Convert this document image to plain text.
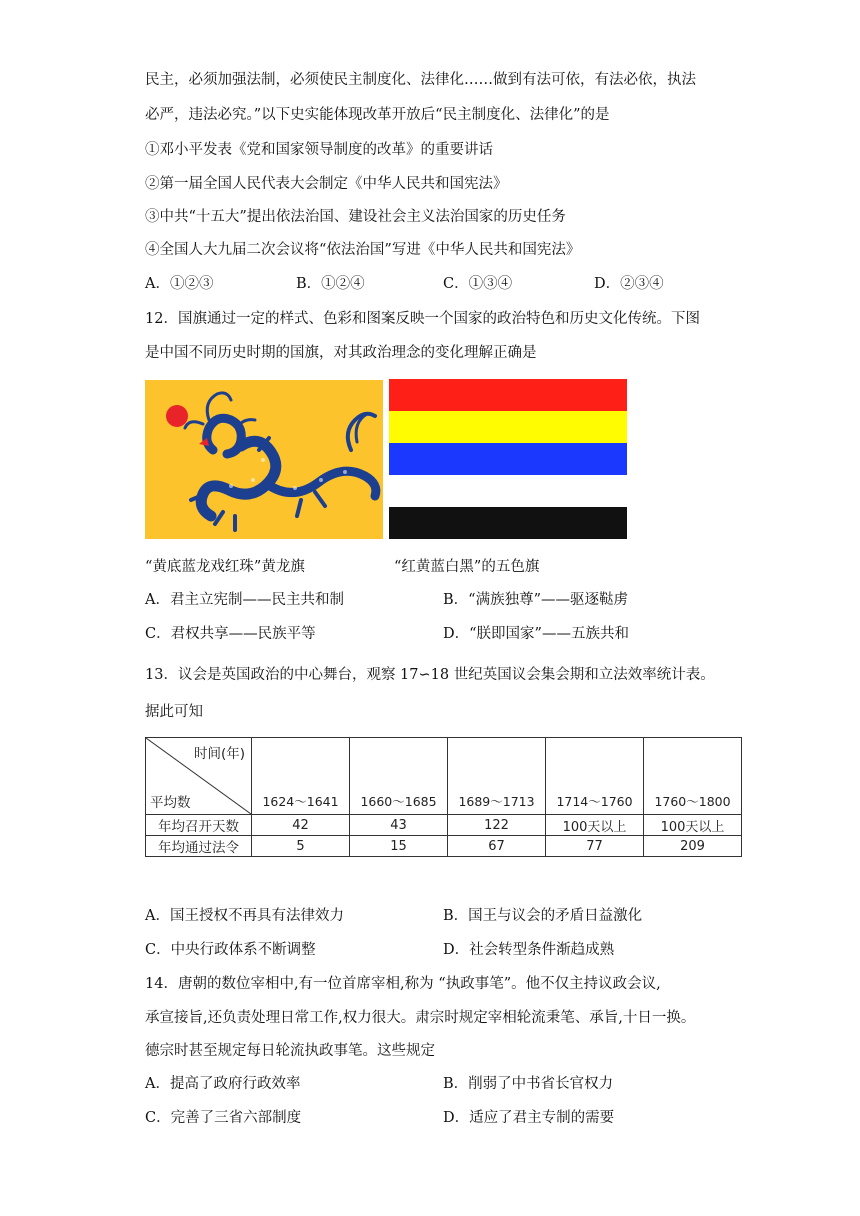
民主，必须加强法制，必须使民主制度化、法律化……做到有法可依，有法必依，执法
必严，违法必究。”以下史实能体现改革开放后“民主制度化、法律化”的是
①邓小平发表《党和国家领导制度的改革》的重要讲话
②第一届全国人民代表大会制定《中华人民共和国宪法》
③中共“十五大”提出依法治国、建设社会主义法治国家的历史任务
④全国人大九届二次会议将“依法治国”写进《中华人民共和国宪法》
A．①②③	B．①②④	C．①③④	D．②③④
12．国旗通过一定的样式、色彩和图案反映一个国家的政治特色和历史文化传统。下图
是中国不同历史时期的国旗，对其政治理念的变化理解正确是
“黄底蓝龙戏红珠”黄龙旗	“红黄蓝白黑”的五色旗
A．君主立宪制——民主共和制	B．“满族独尊”——驱逐鞑虏
C．君权共享——民族平等	D．“朕即国家”——五族共和
13．议会是英国政治的中心舞台，观察 17∽18 世纪英国议会集会期和立法效率统计表。
据此可知
时间(年)
平均数	1624～1641	1660～1685	1689～1713	1714～1760	1760～1800

年均召开天数	42	43	122	100天以上	100天以上
年均通过法令	5	15	67	77	209
A．国王授权不再具有法律效力	B．国王与议会的矛盾日益激化
C．中央行政体系不断调整	D．社会转型条件渐趋成熟
14．唐朝的数位宰相中,有一位首席宰相,称为 “执政事笔”。他不仅主持议政会议,
承宣接旨,还负责处理日常工作,权力很大。肃宗时规定宰相轮流秉笔、承旨,十日一换。
德宗时甚至规定每日轮流执政事笔。这些规定
A．提高了政府行政效率	B．削弱了中书省长官权力
C．完善了三省六部制度	D．适应了君主专制的需要
